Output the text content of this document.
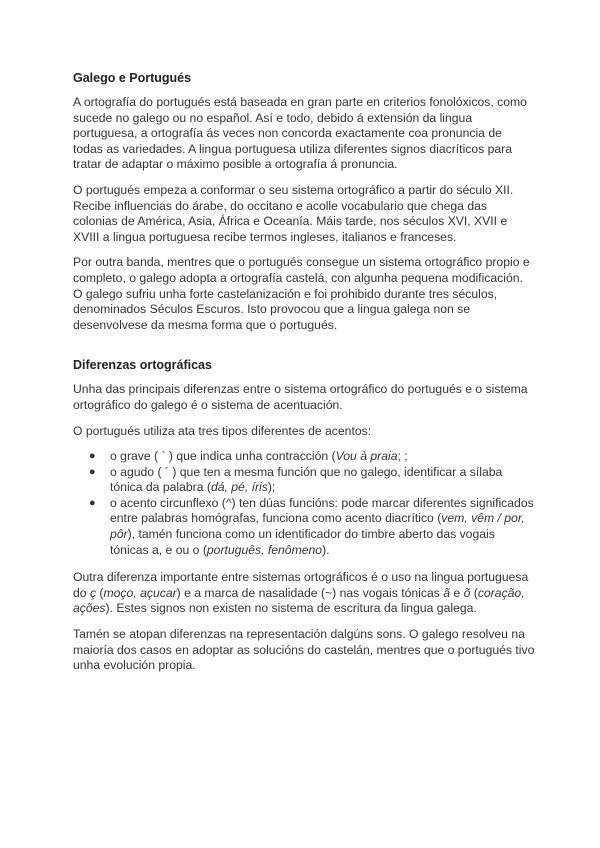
Galego e Portugués

A ortografía do portugués está baseada en gran parte en criterios fonolóxicos, como sucede no galego ou no español. Así e todo, debido á extensión da lingua portuguesa, a ortografía ás veces non concorda exactamente coa pronuncia de todas as variedades. A lingua portuguesa utiliza diferentes signos diacríticos para tratar de adaptar o máximo posible a ortografía á pronuncia.

O portugués empeza a conformar o seu sistema ortográfico a partir do século XII. Recibe influencias do árabe, do occitano e acolle vocabulario que chega das colonias de América, Asia, África e Oceanía. Máis tarde, nos séculos XVI, XVII e XVIII a lingua portuguesa recibe termos ingleses, italianos e franceses.

Por outra banda, mentres que o portugués consegue un sistema ortográfico propio e completo, o galego adopta a ortografía castelá, con algunha pequena modificación. O galego sufriu unha forte castelanización e foi prohibido durante tres séculos, denominados Séculos Escuros. Isto provocou que a lingua galega non se desenvolvese da mesma forma que o portugués.

Diferenzas ortográficas

Unha das principais diferenzas entre o sistema ortográfico do portugués e o sistema ortográfico do galego é o sistema de acentuación.

O portugués utiliza ata tres tipos diferentes de acentos:

● o grave ( ` ) que indica unha contracción (Vou à praia; ;
● o agudo ( ´ ) que ten a mesma función que no galego, identificar a sílaba tónica da palabra (dá, pé, íris);
● o acento circunflexo (^) ten dúas funcións: pode marcar diferentes significados entre palabras homógrafas, funciona como acento diacrítico (vem, vêm / por, pôr), tamén funciona como un identificador do timbre aberto das vogais tónicas a, e ou o (português, fenômeno).

Outra diferenza importante entre sistemas ortográficos é o uso na lingua portuguesa do ç (moço, açucar) e a marca de nasalidade (~) nas vogais tónicas ã e õ (coração, ações). Estes signos non existen no sistema de escritura da lingua galega.

Tamén se atopan diferenzas na representación dalgúns sons. O galego resolveu na maioría dos casos en adoptar as solucións do castelán, mentres que o portugués tivo unha evolución propia.
